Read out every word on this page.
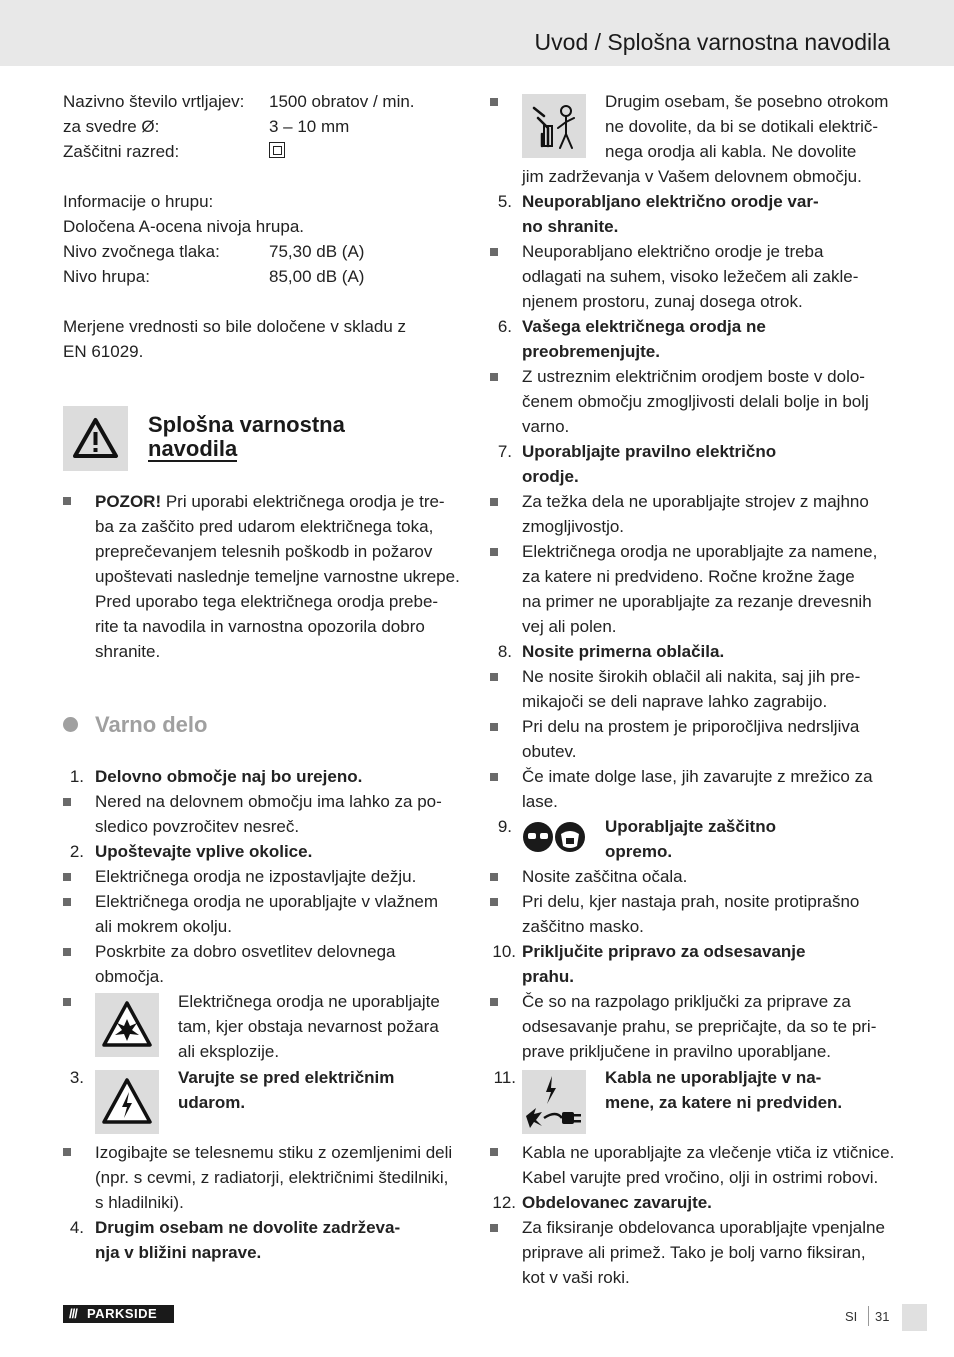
Uvod / Splošna varnostna navodila
Nazivno število vrtljajev: 1500 obratov / min.
za svedre Ø:	3 – 10 mm
Zaščitni razred:
Informacije o hrupu:
Določena A-ocena nivoja hrupa.
Nivo zvočnega tlaka:	75,30 dB (A)
Nivo hrupa:	85,00 dB (A)
Merjene vrednosti so bile določene v skladu z
EN 61029.
Splošna varnostna
navodila
POZOR! Pri uporabi električnega orodja je tre-
ba za zaščito pred udarom električnega toka,
preprečevanjem telesnih poškodb in požarov
upoštevati naslednje temeljne varnostne ukrepe.
Pred uporabo tega električnega orodja prebe-
rite ta navodila in varnostna opozorila dobro
shranite.
Varno delo
1. Delovno območje naj bo urejeno.
Nered na delovnem območju ima lahko za po-
sledico povzročitev nesreč.
2. Upoštevajte vplive okolice.
Električnega orodja ne izpostavljajte dežju.
Električnega orodja ne uporabljajte v vlažnem
ali mokrem okolju.
Poskrbite za dobro osvetlitev delovnega
območja.
Električnega orodja ne uporabljajte
tam, kjer obstaja nevarnost požara
ali eksplozije.
3.	Varujte se pred električnim
udarom.
Izogibajte se telesnemu stiku z ozemljenimi deli
(npr. s cevmi, z radiatorji, električnimi štedilniki,
s hladilniki).
4. Drugim osebam ne dovolite zadrževa-
nja v bližini naprave.
Drugim osebam, še posebno otrokom
ne dovolite, da bi se dotikali električ-
nega orodja ali kabla. Ne dovolite
jim zadrževanja v Vašem delovnem območju.
5. Neuporabljano električno orodje var-
no shranite.
Neuporabljano električno orodje je treba
odlagati na suhem, visoko ležečem ali zakle-
njenem prostoru, zunaj dosega otrok.
6. Vašega električnega orodja ne
preobremenjujte.
Z ustreznim električnim orodjem boste v dolo-
čenem območju zmogljivosti delali bolje in bolj
varno.
7. Uporabljajte pravilno električno
orodje.
Za težka dela ne uporabljajte strojev z majhno
zmogljivostjo.
Električnega orodja ne uporabljajte za namene,
za katere ni predvideno. Ročne krožne žage
na primer ne uporabljajte za rezanje drevesnih
vej ali polen.
8. Nosite primerna oblačila.
Ne nosite širokih oblačil ali nakita, saj jih pre-
mikajoči se deli naprave lahko zagrabijo.
Pri delu na prostem je priporočljiva nedrsljiva
obutev.
Če imate dolge lase, jih zavarujte z mrežico za
lase.
9.	Uporabljajte zaščitno
opremo.
Nosite zaščitna očala.
Pri delu, kjer nastaja prah, nosite protiprašno
zaščitno masko.
10. Priključite pripravo za odsesavanje
prahu.
Če so na razpolago priključki za priprave za
odsesavanje prahu, se prepričajte, da so te pri-
prave priključene in pravilno uporabljane.
11.	Kabla ne uporabljajte v na-
mene, za katere ni predviden.
Kabla ne uporabljajte za vlečenje vtiča iz vtičnice.
Kabel varujte pred vročino, olji in ostrimi robovi.
12. Obdelovanec zavarujte.
Za fiksiranje obdelovanca uporabljajte vpenjalne
priprave ali primež. Tako je bolj varno fiksiran,
kot v vaši roki.
/// PARKSIDE	SI 31
